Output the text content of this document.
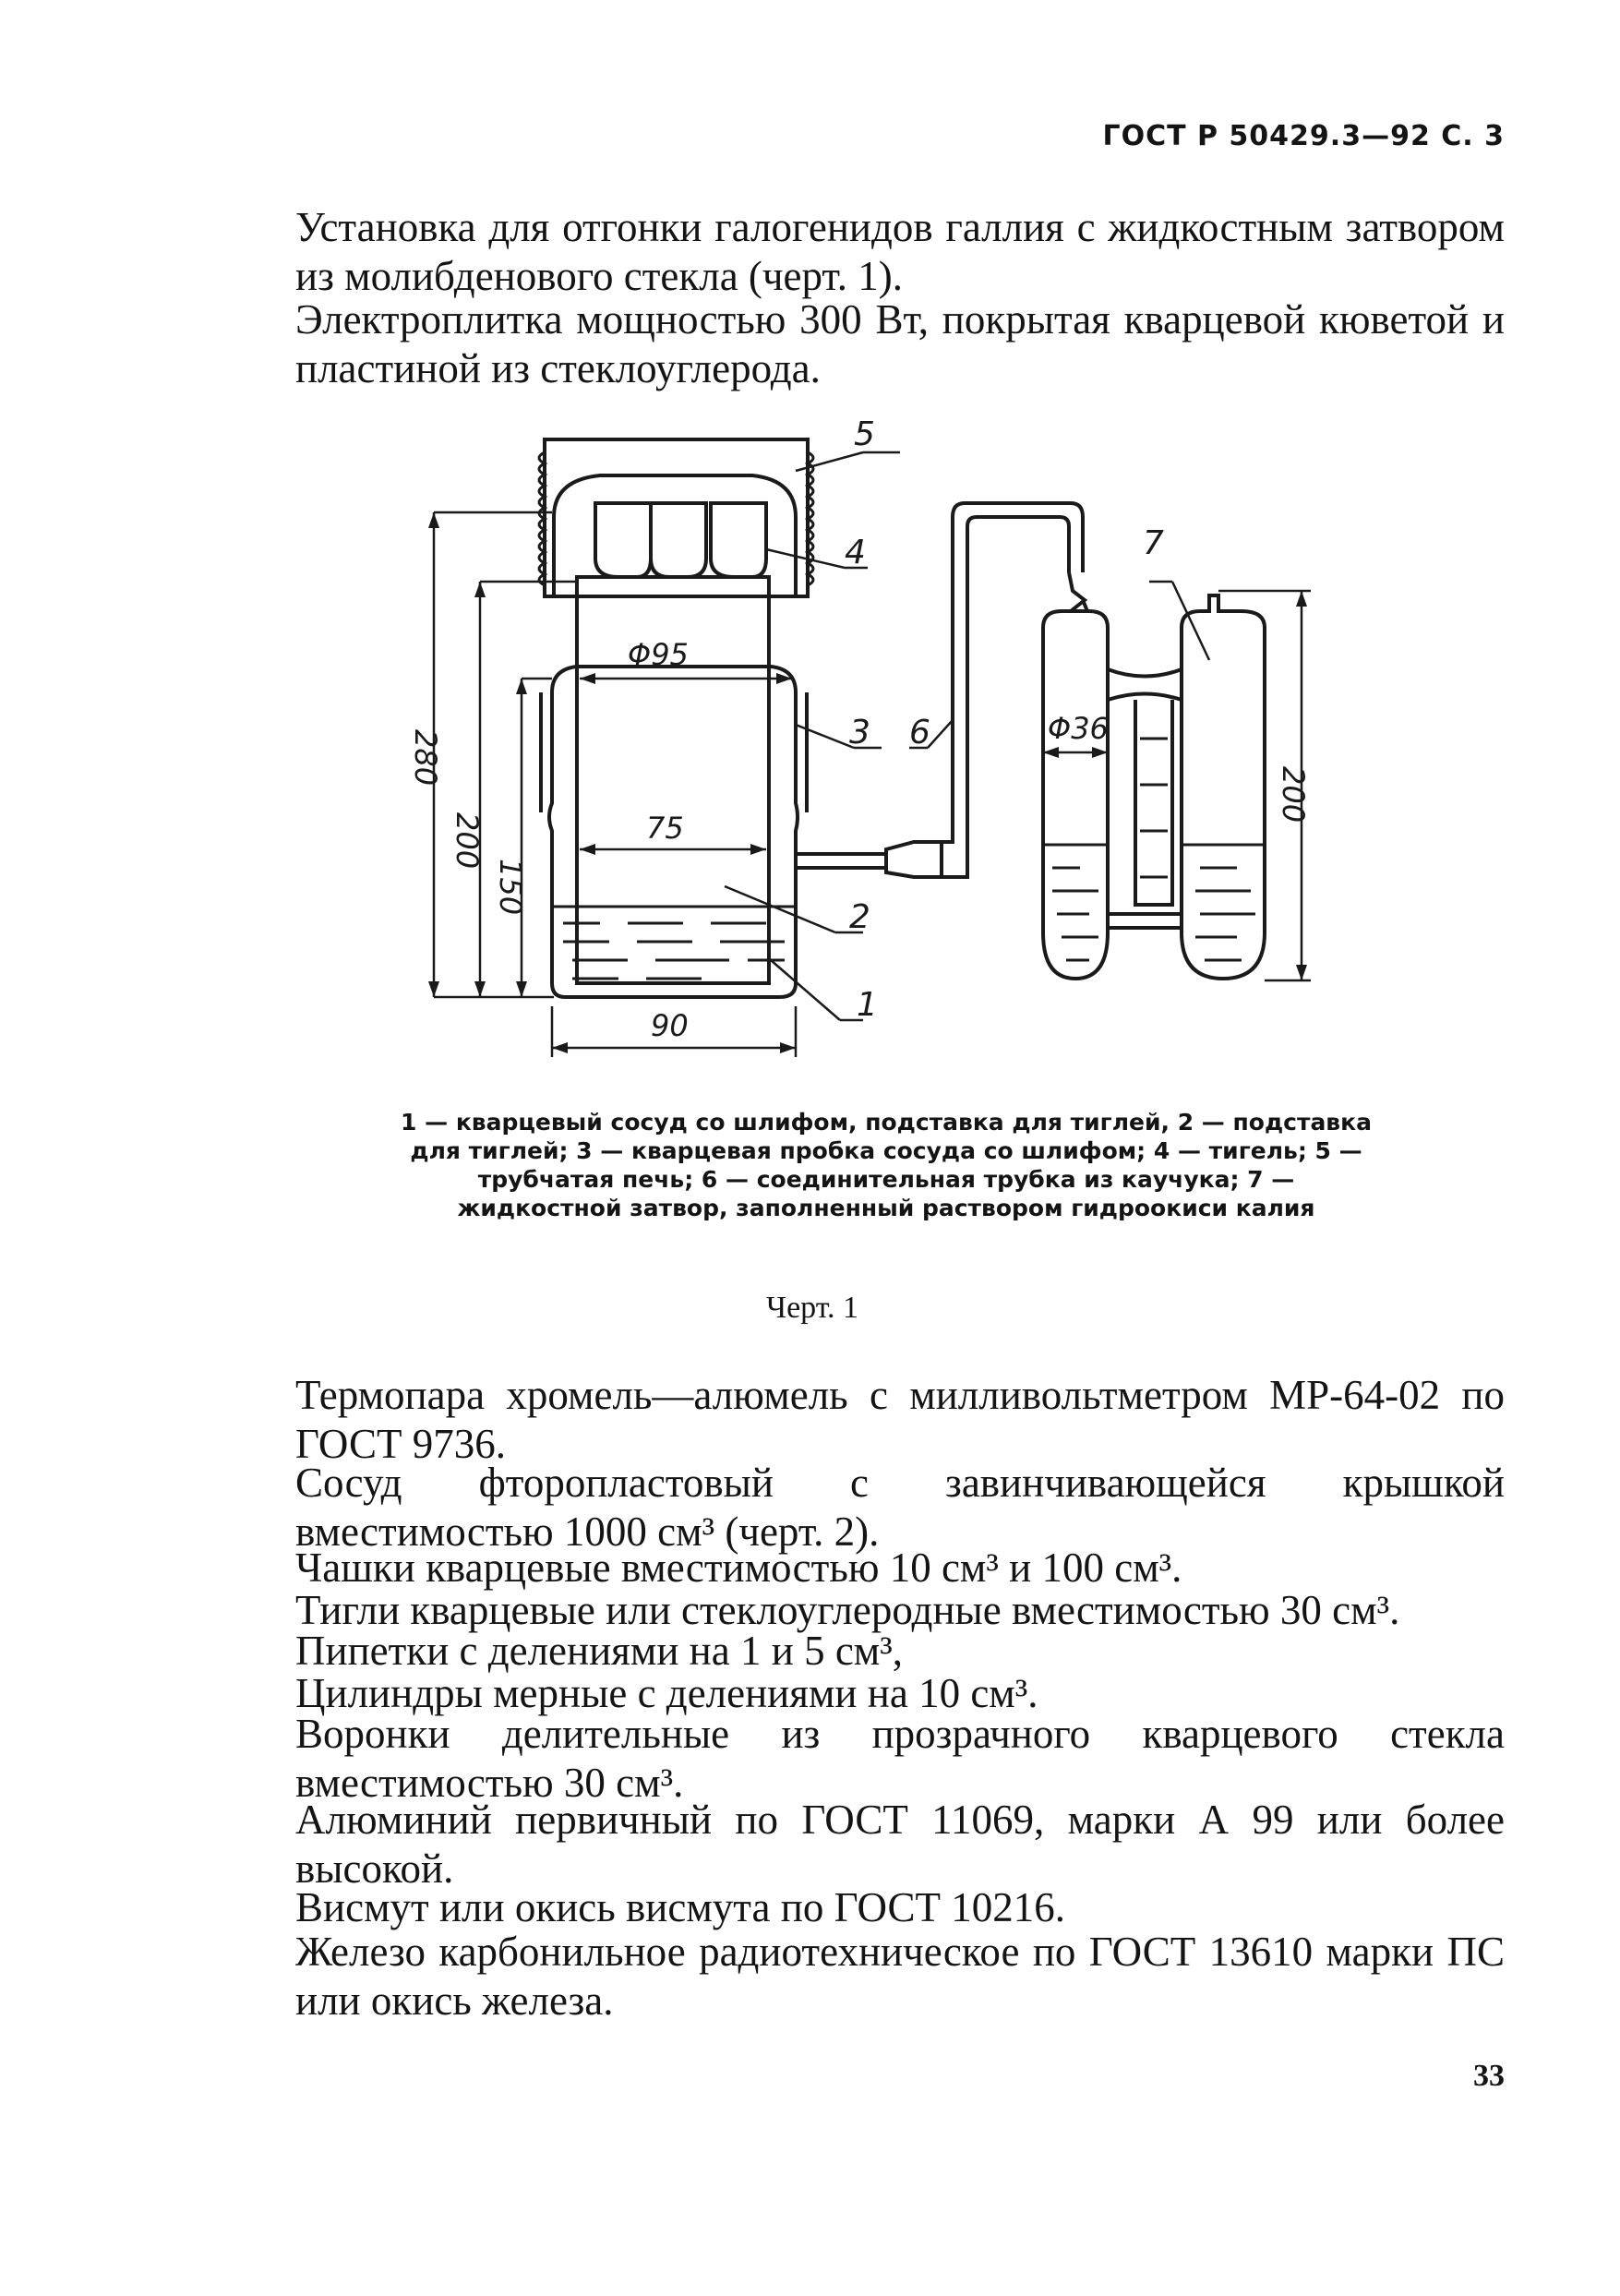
ГОСТ Р 50429.3—92 С. 3

Установка для отгонки галогенидов галлия с жидкостным затвором из молибденового стекла (черт. 1).

Электроплитка мощностью 300 Вт, покрытая кварцевой кюветой и пластиной из стеклоуглерода.

280
200
150
200
Φ95
75
90
Φ36
1
2
3
4
5
6
7

1 — кварцевый сосуд со шлифом, подставка для тиглей, 2 — подставка для тиглей; 3 — кварцевая пробка сосуда со шлифом; 4 — тигель; 5 — трубчатая печь; 6 — соединительная трубка из каучука; 7 — жидкостной затвор, заполненный раствором гидроокиси калия

Черт. 1

Термопара хромель—алюмель с милливольтметром МР-64-02 по ГОСТ 9736.

Сосуд фторопластовый с завинчивающейся крышкой вместимостью 1000 см³ (черт. 2).

Чашки кварцевые вместимостью 10 см³ и 100 см³.

Тигли кварцевые или стеклоуглеродные вместимостью 30 см³.

Пипетки с делениями на 1 и 5 см³,

Цилиндры мерные с делениями на 10 см³.

Воронки делительные из прозрачного кварцевого стекла вместимостью 30 см³.

Алюминий первичный по ГОСТ 11069, марки А 99 или более высокой.

Висмут или окись висмута по ГОСТ 10216.

Железо карбонильное радиотехническое по ГОСТ 13610 марки ПС или окись железа.

33
